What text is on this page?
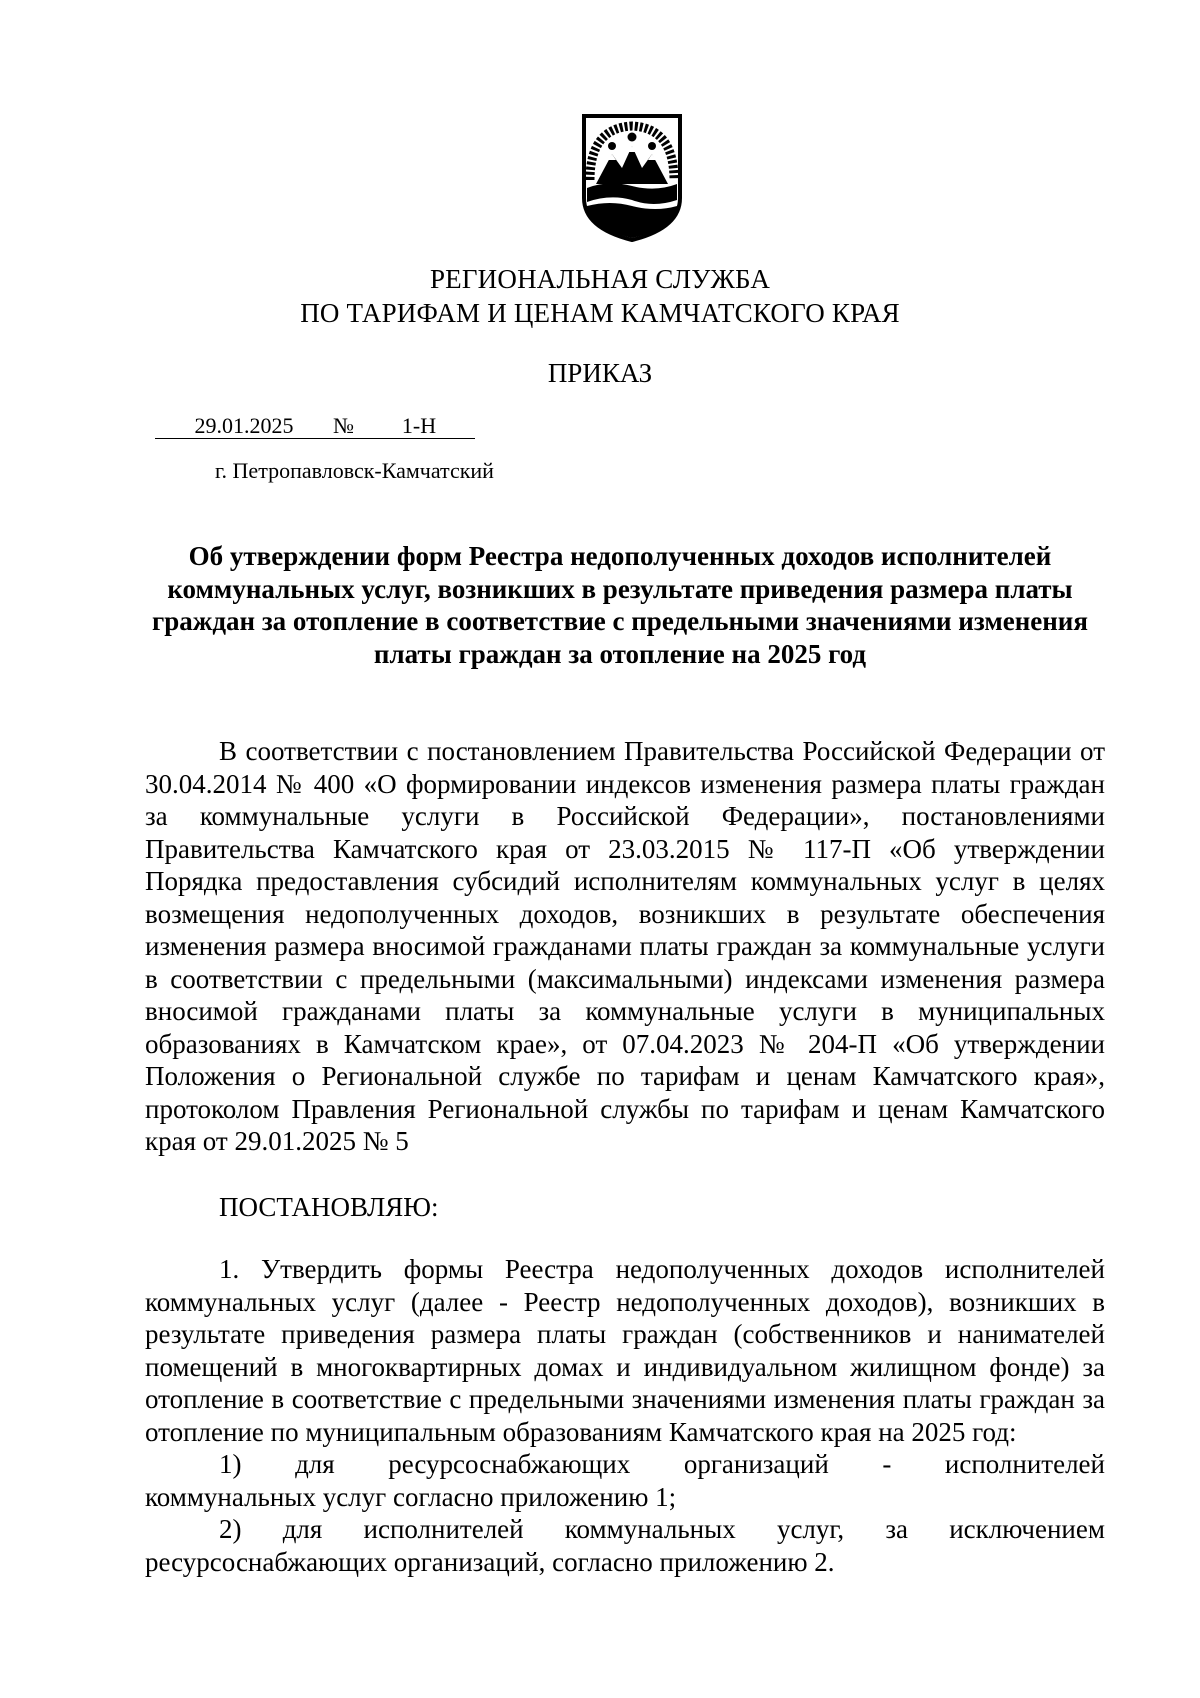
РЕГИОНАЛЬНАЯ СЛУЖБА
ПО ТАРИФАМ И ЦЕНАМ КАМЧАТСКОГО КРАЯ
ПРИКАЗ
29.01.2025 № 1-Н
г. Петропавловск-Камчатский
Об утверждении форм Реестра недополученных доходов исполнителей коммунальных услуг, возникших в результате приведения размера платы граждан за отопление в соответствие с предельными значениями изменения платы граждан за отопление на 2025 год
В соответствии с постановлением Правительства Российской Федерации от 30.04.2014 № 400 «О формировании индексов изменения размера платы граждан за коммунальные услуги в Российской Федерации», постановлениями Правительства Камчатского края от 23.03.2015 № 117-П «Об утверждении Порядка предоставления субсидий исполнителям коммунальных услуг в целях возмещения недополученных доходов, возникших в результате обеспечения изменения размера вносимой гражданами платы граждан за коммунальные услуги в соответствии с предельными (максимальными) индексами изменения размера вносимой гражданами платы за коммунальные услуги в муниципальных образованиях в Камчатском крае», от 07.04.2023 № 204-П «Об утверждении Положения о Региональной службе по тарифам и ценам Камчатского края», протоколом Правления Региональной службы по тарифам и ценам Камчатского края от 29.01.2025 № 5
ПОСТАНОВЛЯЮ:
1. Утвердить формы Реестра недополученных доходов исполнителей коммунальных услуг (далее - Реестр недополученных доходов), возникших в результате приведения размера платы граждан (собственников и нанимателей помещений в многоквартирных домах и индивидуальном жилищном фонде) за отопление в соответствие с предельными значениями изменения платы граждан за отопление по муниципальным образованиям Камчатского края на 2025 год:
1) для ресурсоснабжающих организаций - исполнителей
коммунальных услуг согласно приложению 1;
2) для исполнителей коммунальных услуг, за исключением
ресурсоснабжающих организаций, согласно приложению 2.
